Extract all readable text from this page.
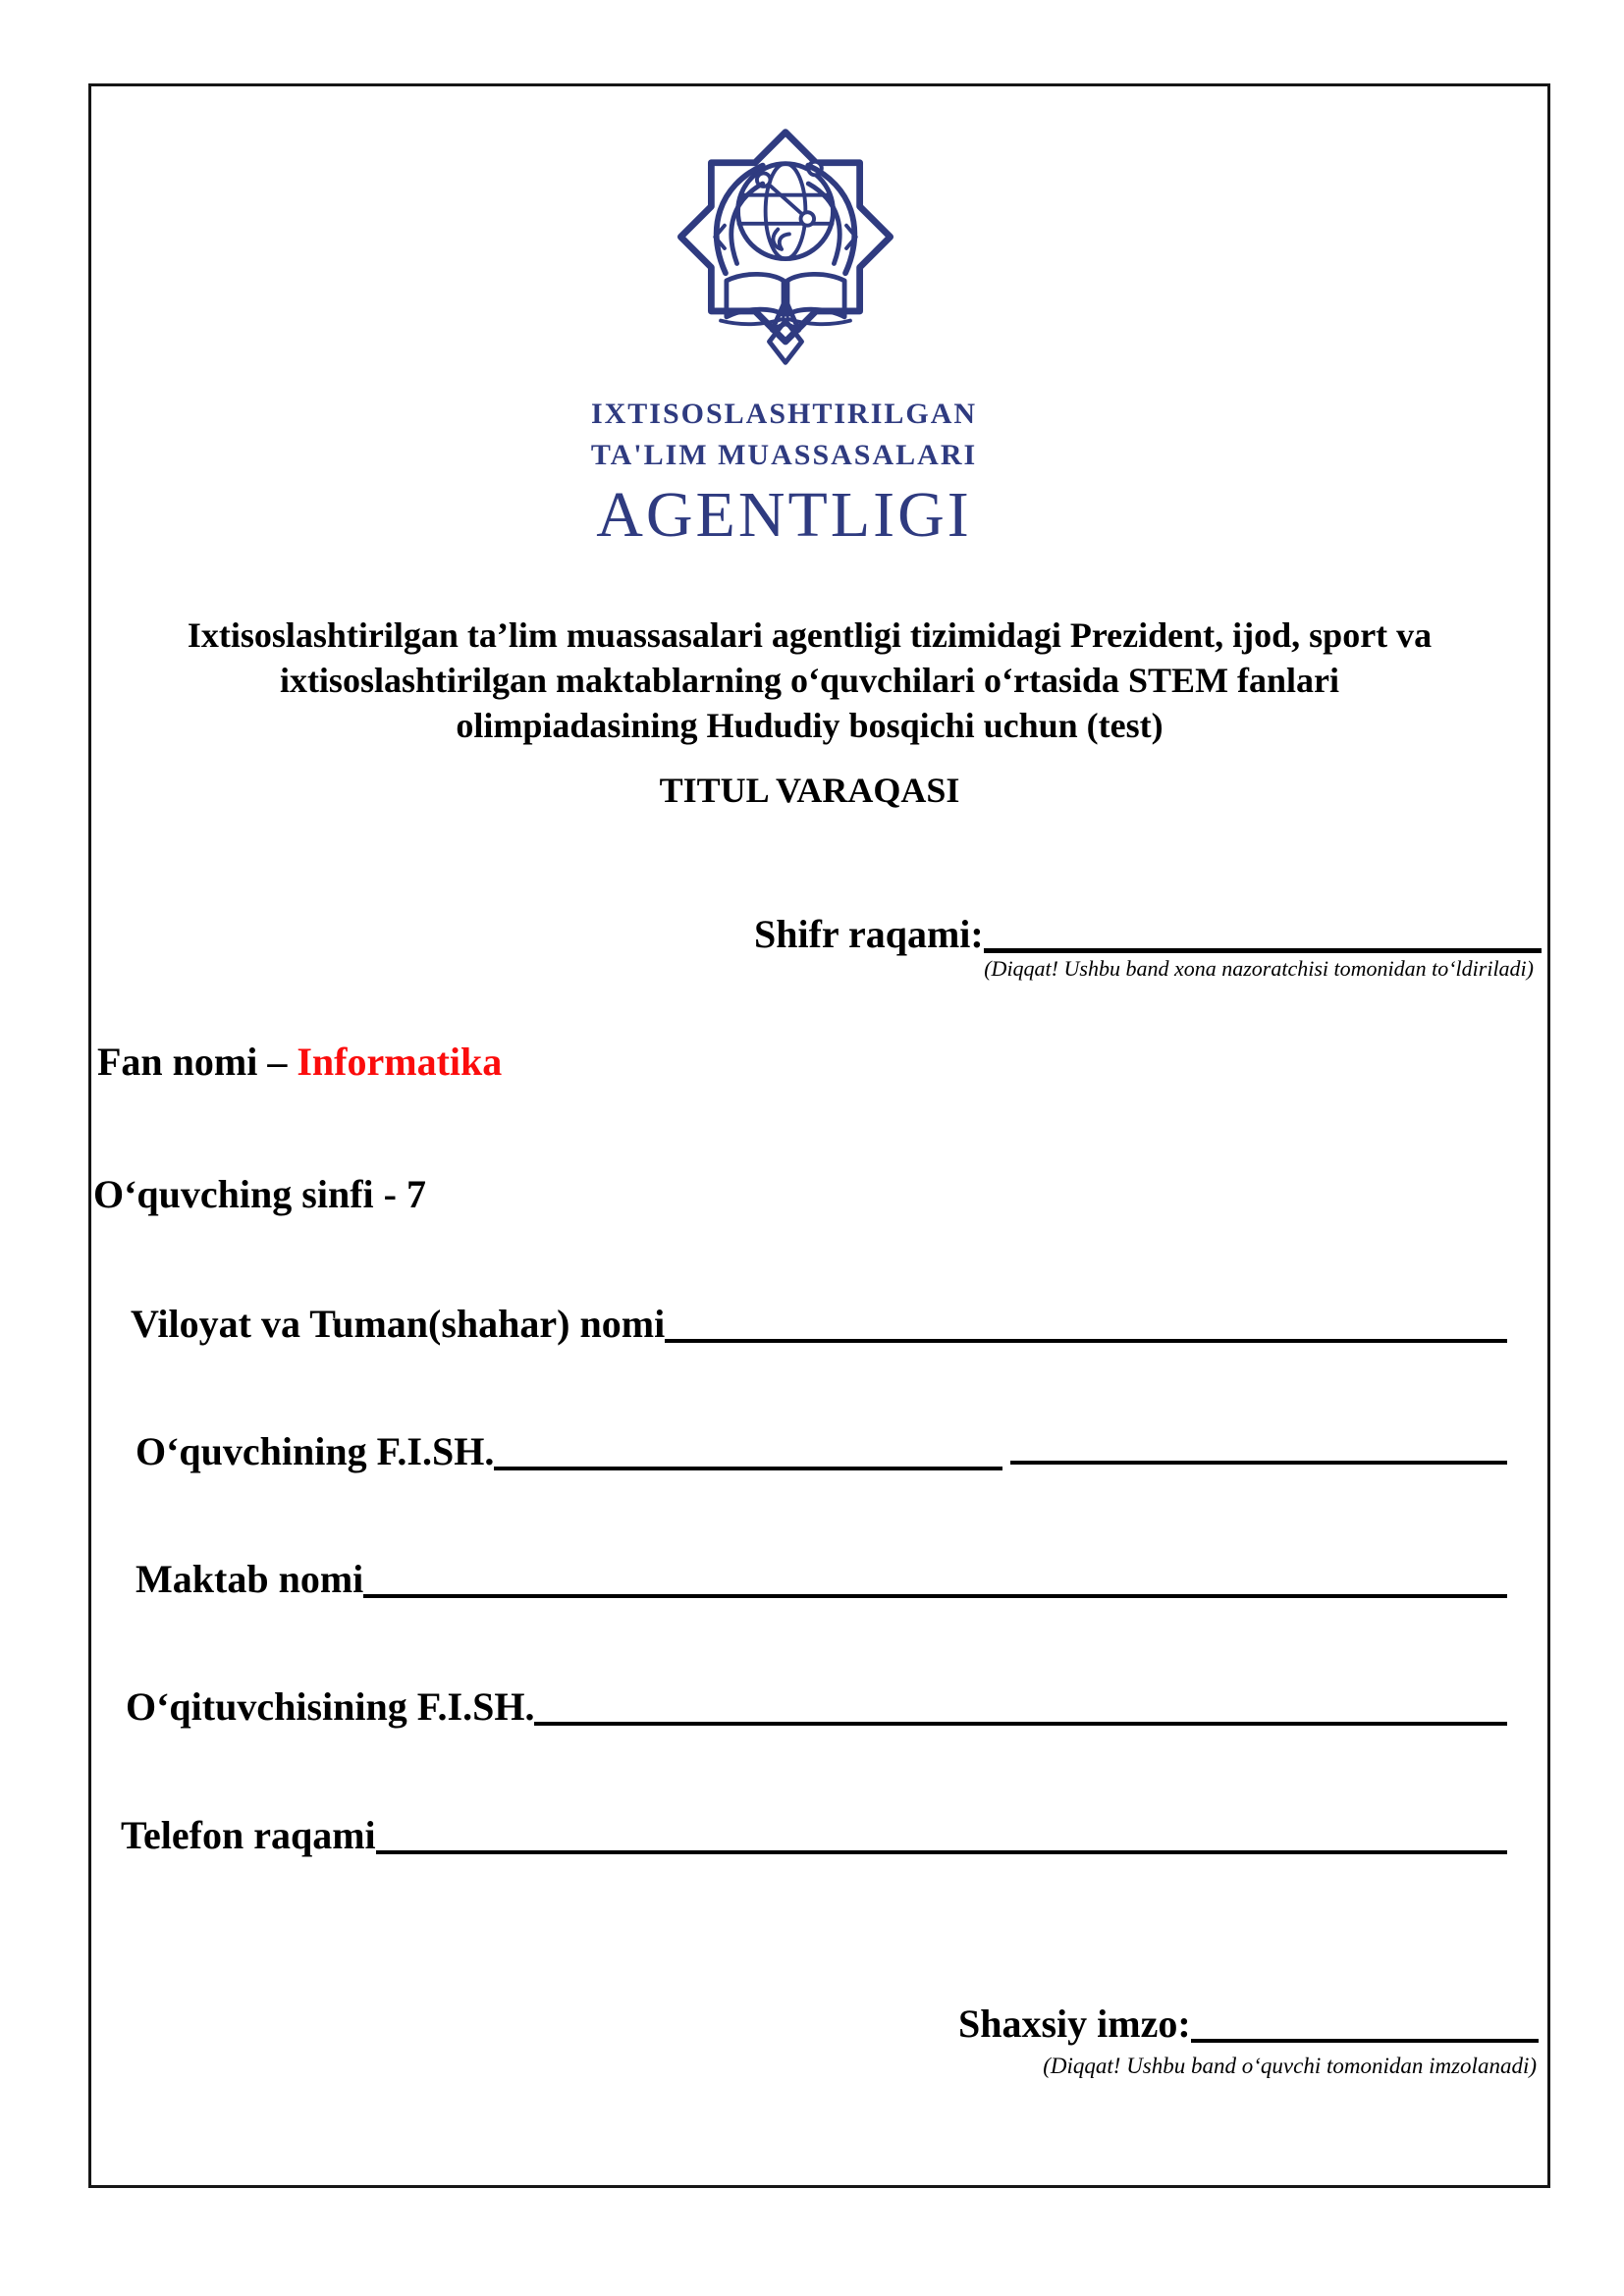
IXTISOSLASHTIRILGAN
TA'LIM MUASSASALARI
AGENTLIGI
Ixtisoslashtirilgan ta’lim muassasalari agentligi tizimidagi Prezident, ijod, sport va
ixtisoslashtirilgan maktablarning oʻquvchilari oʻrtasida STEM fanlari
olimpiadasining Hududiy bosqichi uchun (test)
TITUL VARAQASI
Shifr raqami:
(Diqqat! Ushbu band xona nazoratchisi tomonidan toʻldiriladi)
Fan nomi – Informatika
Oʻquvching sinfi - 7
Viloyat va Tuman(shahar) nomi
Oʻquvchining F.I.SH.
Maktab nomi
Oʻqituvchisining F.I.SH.
Telefon raqami
Shaxsiy imzo:
(Diqqat! Ushbu band oʻquvchi tomonidan imzolanadi)
